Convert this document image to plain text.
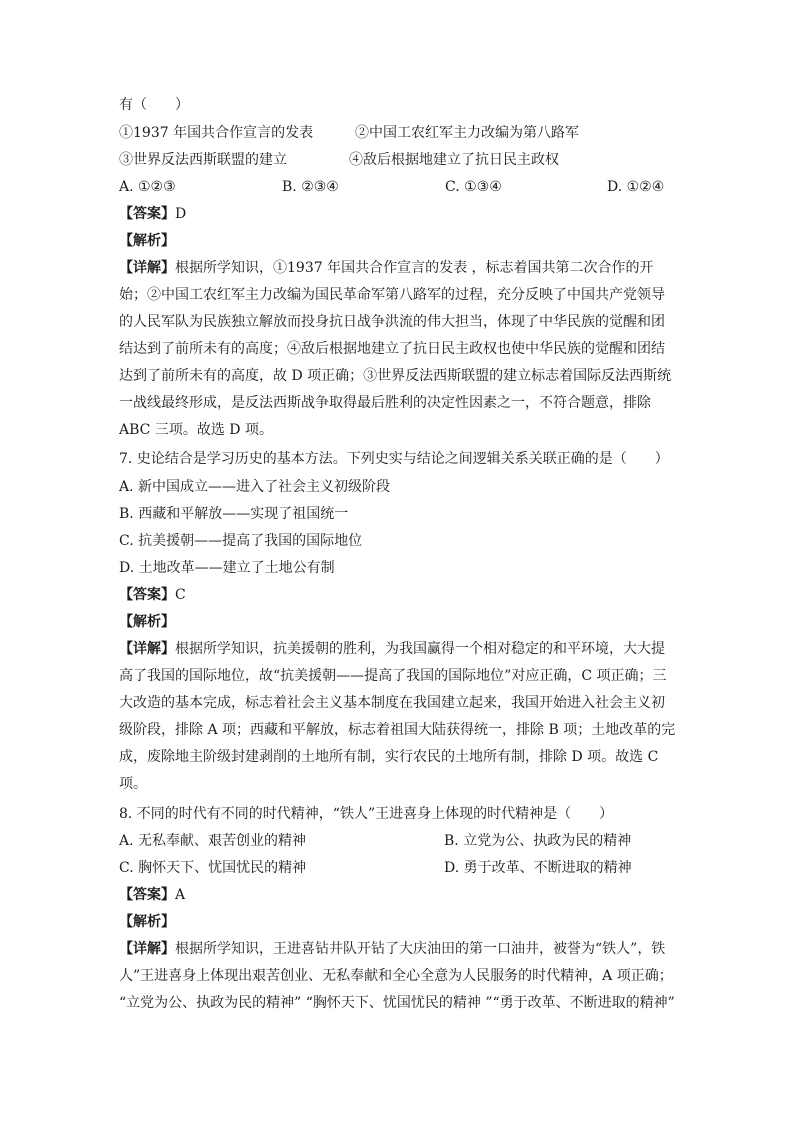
有（　　）
①1937 年国共合作宣言的发表	②中国工农红军主力改编为第八路军
③世界反法西斯联盟的建立	④敌后根据地建立了抗日民主政权
A. ①②③	B. ②③④	C. ①③④	D. ①②④
【答案】D
【解析】
【详解】根据所学知识，①1937 年国共合作宣言的发表 ，标志着国共第二次合作的开
始；②中国工农红军主力改编为国民革命军第八路军的过程，充分反映了中国共产党领导
的人民军队为民族独立解放而投身抗日战争洪流的伟大担当，体现了中华民族的觉醒和团
结达到了前所未有的高度；④敌后根据地建立了抗日民主政权也使中华民族的觉醒和团结
达到了前所未有的高度，故 D 项正确；③世界反法西斯联盟的建立标志着国际反法西斯统
一战线最终形成，是反法西斯战争取得最后胜利的决定性因素之一，不符合题意，排除
ABC 三项。故选 D 项。
7. 史论结合是学习历史的基本方法。下列史实与结论之间逻辑关系关联正确的是（　　）
A. 新中国成立——进入了社会主义初级阶段
B. 西藏和平解放——实现了祖国统一
C. 抗美援朝——提高了我国的国际地位
D. 土地改革——建立了土地公有制
【答案】C
【解析】
【详解】根据所学知识，抗美援朝的胜利，为我国赢得一个相对稳定的和平环境，大大提
高了我国的国际地位，故“抗美援朝——提高了我国的国际地位”对应正确，C 项正确；三
大改造的基本完成，标志着社会主义基本制度在我国建立起来，我国开始进入社会主义初
级阶段，排除 A 项；西藏和平解放，标志着祖国大陆获得统一，排除 B 项；土地改革的完
成，废除地主阶级封建剥削的土地所有制，实行农民的土地所有制，排除 D 项。故选 C
项。
8. 不同的时代有不同的时代精神，“铁人”王进喜身上体现的时代精神是（　　）
A. 无私奉献、艰苦创业的精神	B. 立党为公、执政为民的精神
C. 胸怀天下、忧国忧民的精神	D. 勇于改革、不断进取的精神
【答案】A
【解析】
【详解】根据所学知识，王进喜钻井队开钻了大庆油田的第一口油井，被誉为“铁人”，铁
人”王进喜身上体现出艰苦创业、无私奉献和全心全意为人民服务的时代精神，A 项正确；
“立党为公、执政为民的精神” “胸怀天下、忧国忧民的精神 ”“勇于改革、不断进取的精神”
